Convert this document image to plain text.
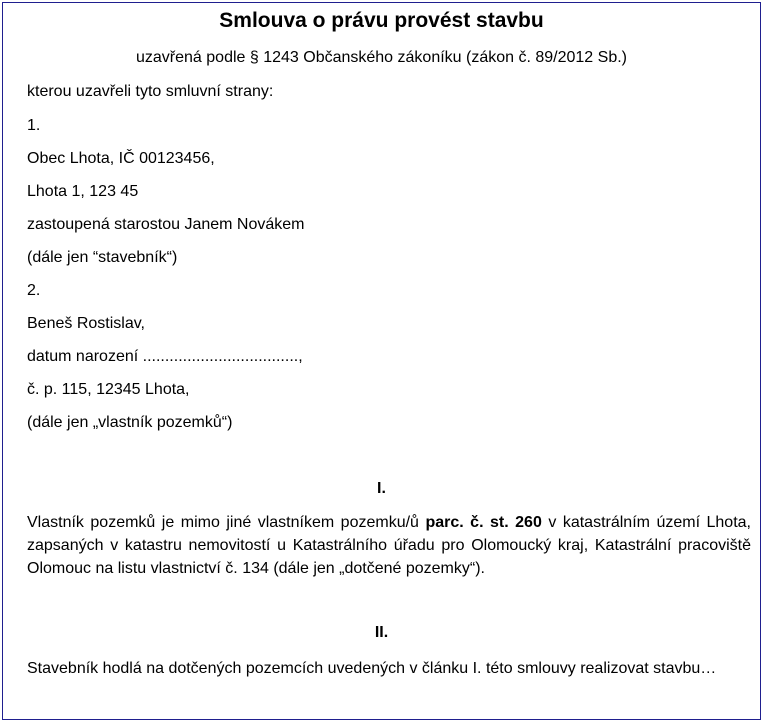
Smlouva o právu provést stavbu
uzavřená podle § 1243 Občanského zákoníku (zákon č. 89/2012 Sb.)
kterou uzavřeli tyto smluvní strany:
1.
Obec Lhota, IČ 00123456,
Lhota 1, 123 45
zastoupená starostou Janem Novákem
(dále jen “stavebník“)
2.
Beneš Rostislav,
datum narození ...................................,
č. p. 115, 12345 Lhota,
(dále jen „vlastník pozemků“)
I.
Vlastník pozemků je mimo jiné vlastníkem pozemku/ů parc. č. st. 260 v katastrálním území Lhota, zapsaných v katastru nemovitostí u Katastrálního úřadu pro Olomoucký kraj, Katastrální pracoviště Olomouc na listu vlastnictví č. 134 (dále jen „dotčené pozemky“).
II.
Stavebník hodlá na dotčených pozemcích uvedených v článku I. této smlouvy realizovat stavbu…
